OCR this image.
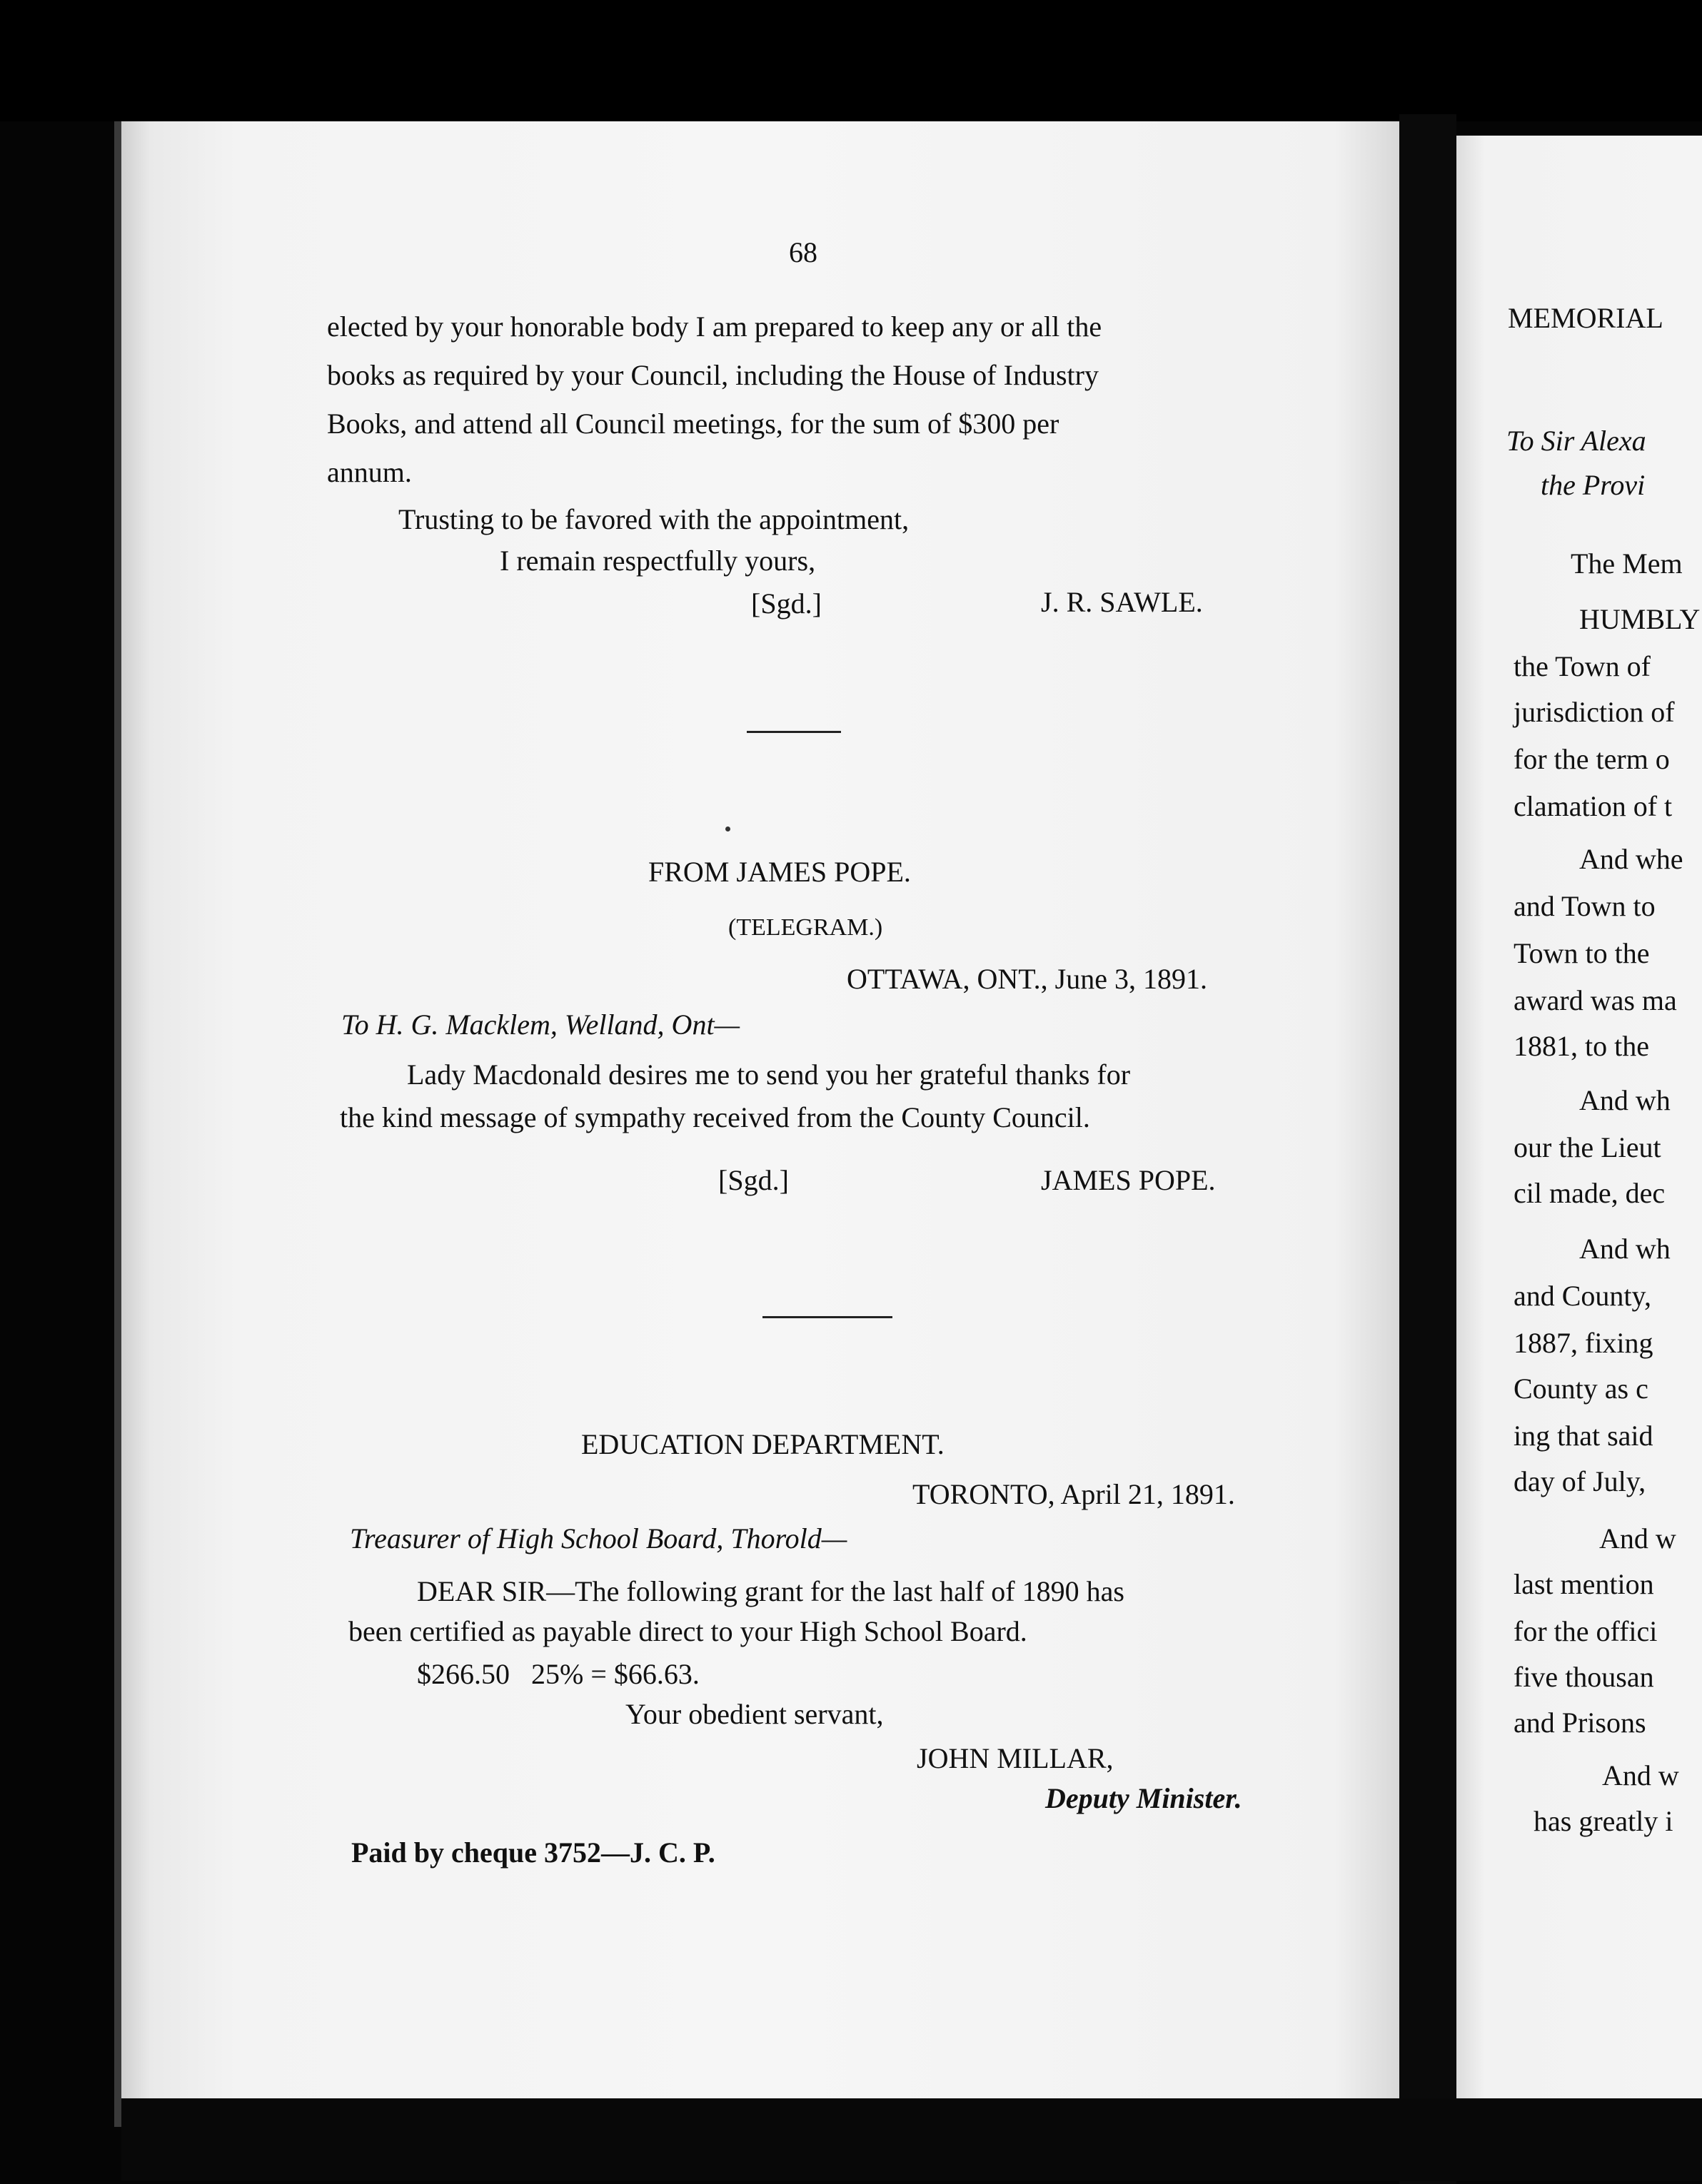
68
elected by your honorable body I am prepared to keep any or all the
books as required by your Council, including the House of Industry
Books, and attend all Council meetings, for the sum of $300 per
annum.
Trusting to be favored with the appointment,
I remain respectfully yours,
[Sgd.]	J. R. SAWLE.
FROM JAMES POPE.
(TELEGRAM.)
OTTAWA, ONT., June 3, 1891.
To H. G. Macklem, Welland, Ont—
Lady Macdonald desires me to send you her grateful thanks for
the kind message of sympathy received from the County Council.
[Sgd.]	JAMES POPE.
EDUCATION DEPARTMENT.
TORONTO, April 21, 1891.
Treasurer of High School Board, Thorold—
DEAR SIR—The following grant for the last half of 1890 has
been certified as payable direct to your High School Board.
$266.50   25% = $66.63.
Your obedient servant,
JOHN MILLAR,
Deputy Minister.
Paid by cheque 3752—J. C. P.
MEMORIAL
To Sir Alexa
the Provi
The Mem
HUMBLY
the Town of
jurisdiction of
for the term o
clamation of t
And whe
and Town to
Town to the
award was ma
1881, to the
And wh
our the Lieut
cil made, dec
And wh
and County,
1887, fixing
County as c
ing that said
day of July,
And w
last mention
for the offici
five thousan
and Prisons
And w
has greatly i
